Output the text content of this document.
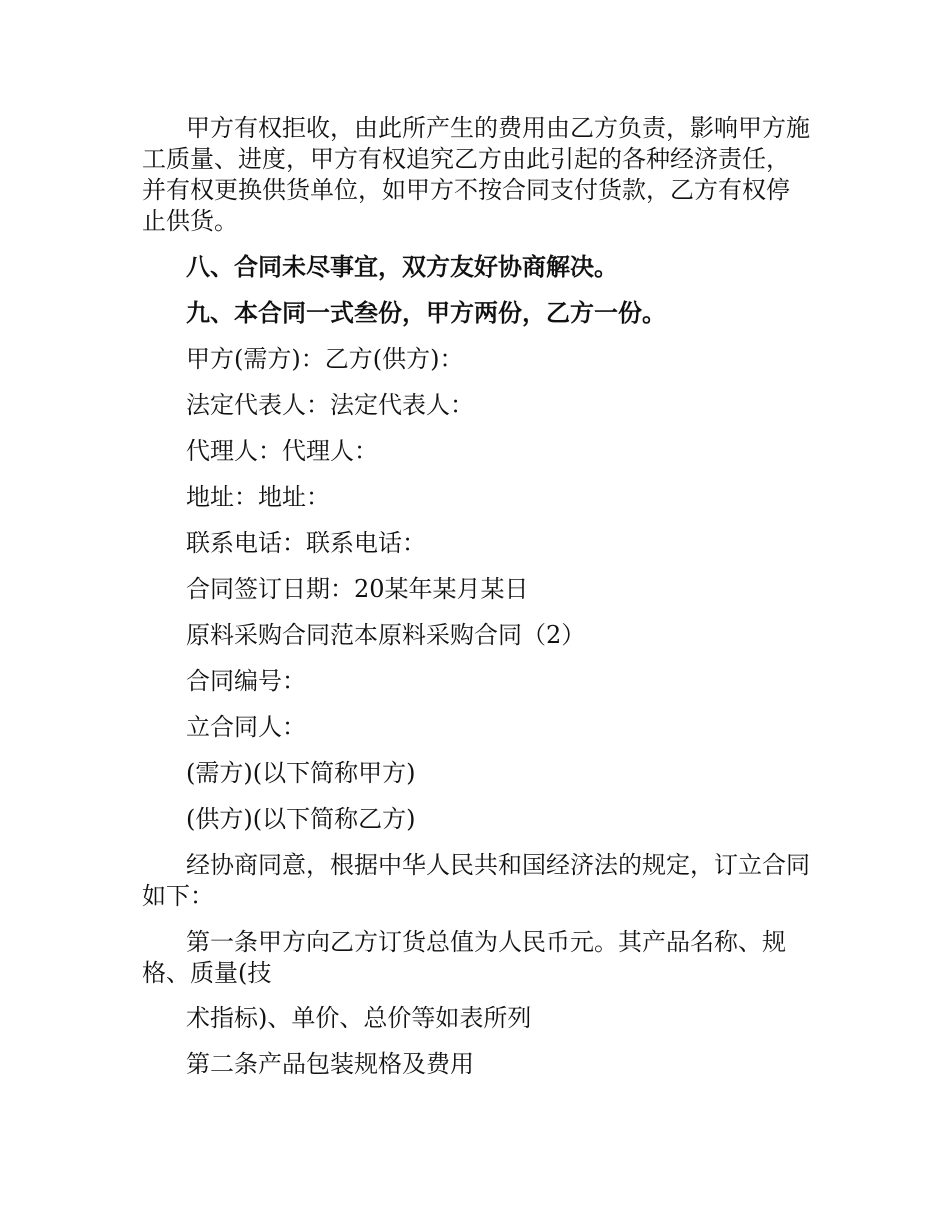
甲方有权拒收，由此所产生的费用由乙方负责，影响甲方施工质量、进度，甲方有权追究乙方由此引起的各种经济责任，并有权更换供货单位，如甲方不按合同支付货款，乙方有权停止供货。

八、合同未尽事宜，双方友好协商解决。

九、本合同一式叁份，甲方两份，乙方一份。

甲方(需方)：乙方(供方)：

法定代表人：法定代表人：

代理人：代理人：

地址：地址：

联系电话：联系电话：

合同签订日期：20某年某月某日

原料采购合同范本原料采购合同（2）

合同编号：

立合同人：

(需方)(以下简称甲方)

(供方)(以下简称乙方)

经协商同意，根据中华人民共和国经济法的规定，订立合同如下：

第一条甲方向乙方订货总值为人民币元。其产品名称、规格、质量(技

术指标)、单价、总价等如表所列

第二条产品包装规格及费用
